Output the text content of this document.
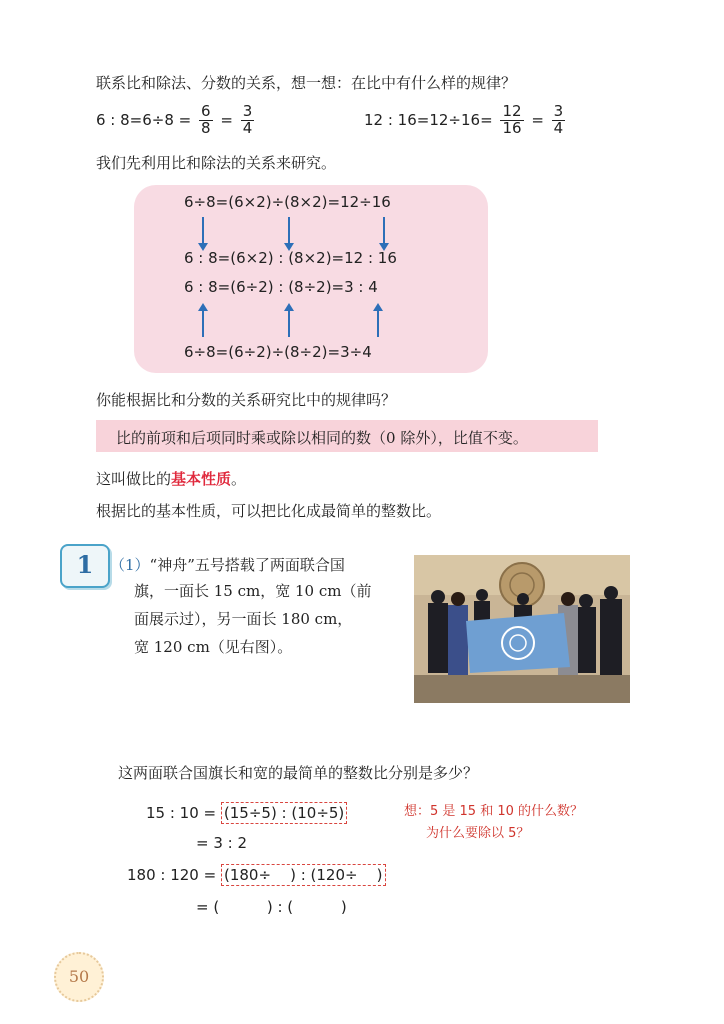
联系比和除法、分数的关系，想一想：在比中有什么样的规律？
6 : $8=6\div 8 = \frac{6}{8} = \frac{3}{4}$	12 : $16=12\div 16= \frac{12}{16} = \frac{3}{4}$
我们先利用比和除法的关系来研究。
6÷8=(6×2)÷(8×2)=12÷16
6 : 8=(6×2) : (8×2)=12 : 16
6 : 8=(6÷2) : (8÷2)=3 : 4
6÷8=(6÷2)÷(8÷2)=3÷4
你能根据比和分数的关系研究比中的规律吗？
比的前项和后项同时乘或除以相同的数（0 除外），比值不变。
这叫做比的基本性质。
根据比的基本性质，可以把比化成最简单的整数比。
1	（1）“神舟”五号搭载了两面联合国
旗，一面长 15 cm，宽 10 cm（前
面展示过），另一面长 180 cm，
宽 120 cm（见右图）。
这两面联合国旗长和宽的最简单的整数比分别是多少？
15 : 10 = (15÷5) : (10÷5)
= 3 : 2
180 : 120 = (180÷    ) : (120÷    )
= (          ) : (          )
想：5 是 15 和 10 的什么数？
为什么要除以 5？
50
